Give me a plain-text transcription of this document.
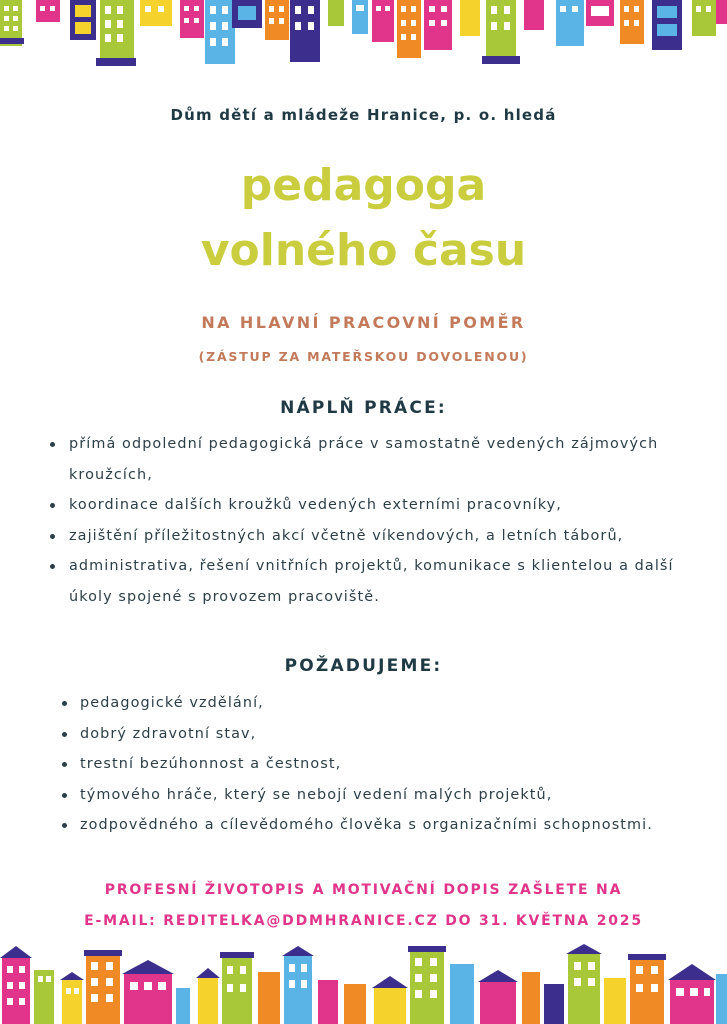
Dům dětí a mládeže Hranice, p. o. hledá
pedagoga
volného času
NA HLAVNÍ PRACOVNÍ POMĚR
(ZÁSTUP ZA MATEŘSKOU DOVOLENOU)
NÁPLŇ PRÁCE:
přímá odpolední pedagogická práce v samostatně vedených zájmových kroužcích,
koordinace dalších kroužků vedených externími pracovníky,
zajištění příležitostných akcí včetně víkendových, a letních táborů,
administrativa, řešení vnitřních projektů, komunikace s klientelou a další úkoly spojené s provozem pracoviště.
POŽADUJEME:
pedagogické vzdělání,
dobrý zdravotní stav,
trestní bezúhonnost a čestnost,
týmového hráče, který se nebojí vedení malých projektů,
zodpovědného a cílevědomého člověka s organizačními schopnostmi.
PROFESNÍ ŽIVOTOPIS A MOTIVAČNÍ DOPIS ZAŠLETE NA
E-MAIL: REDITELKA@DDMHRANICE.CZ DO 31. KVĚTNA 2025
